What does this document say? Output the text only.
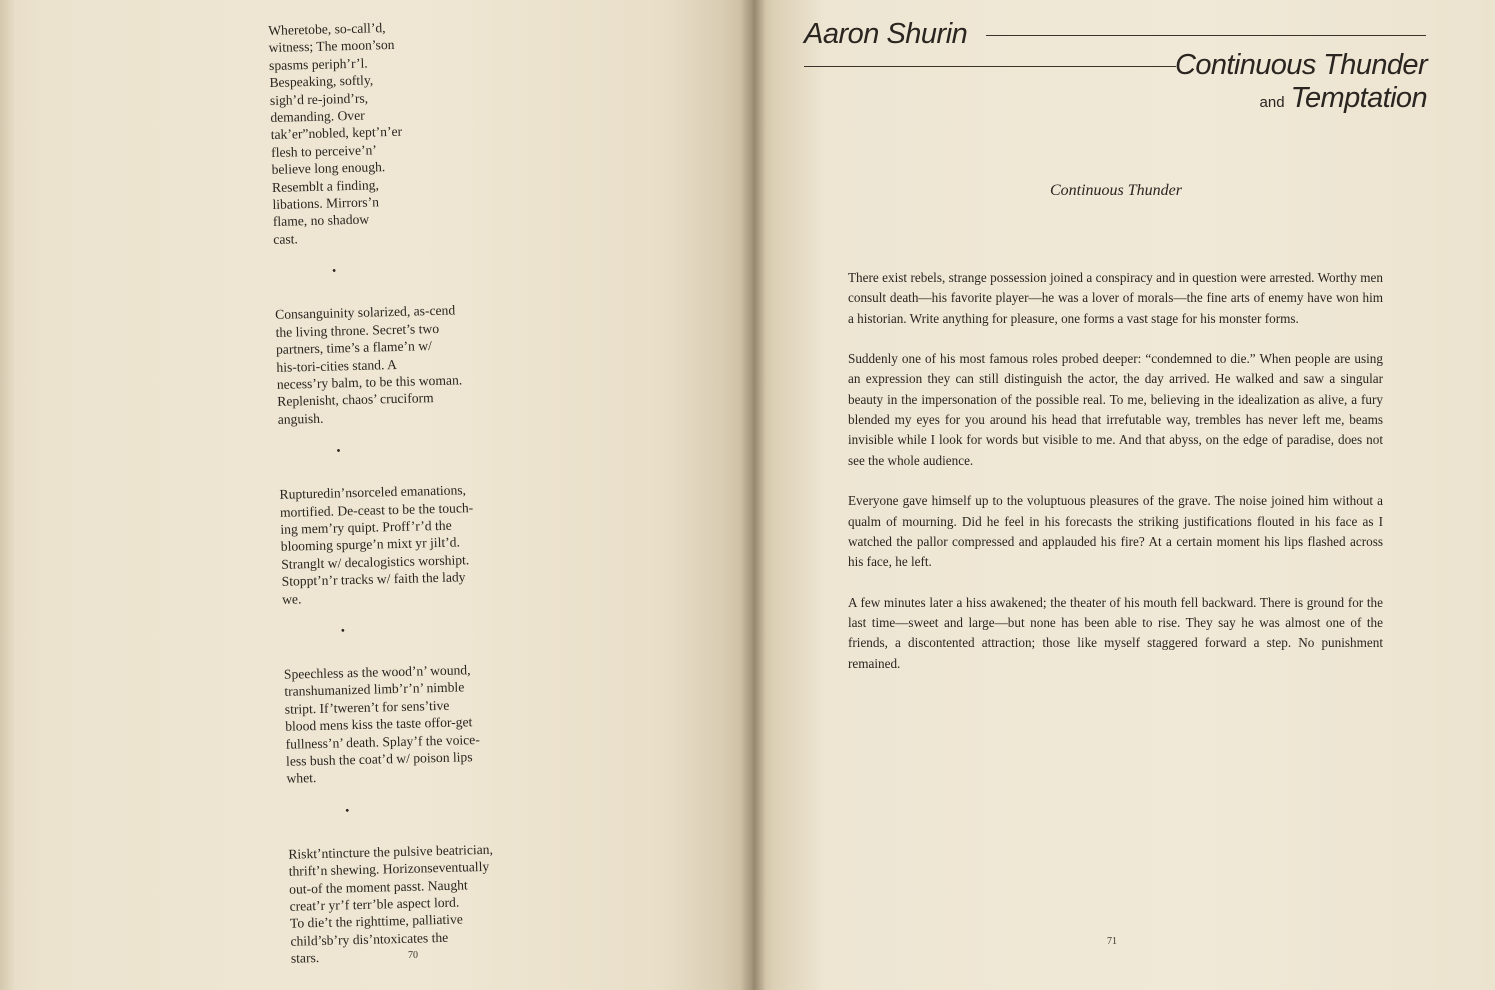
Wheretobe, so-call’d,
witness; The moon’son
spasms periph’r’l.
Bespeaking, softly,
sigh’d re-joind’rs,
demanding. Over
tak’er”nobled, kept’n’er
flesh to perceive’n’
believe long enough.
Resemblt a finding,
libations. Mirrors’n
flame, no shadow
cast.
•
Consanguinity solarized, as-cend
the living throne. Secret’s two
partners, time’s a flame’n w/
his-tori-cities stand. A
necess’ry balm, to be this woman.
Replenisht, chaos’ cruciform
anguish.
•
Rupturedin’nsorceled emanations,
mortified. De-ceast to be the touch-
ing mem’ry quipt. Proff’r’d the
blooming spurge’n mixt yr jilt’d.
Stranglt w/ decalogistics worshipt.
Stoppt’n’r tracks w/ faith the lady
we.
•
Speechless as the wood’n’ wound,
transhumanized limb’r’n’ nimble
stript. If’tweren’t for sens’tive
blood mens kiss the taste offor-get
fullness’n’ death. Splay’f the voice-
less bush the coat’d w/ poison lips
whet.
•
Riskt’ntincture the pulsive beatrician,
thrift’n shewing. Horizonseventually
out-of the moment passt. Naught
creat’r yr’f terr’ble aspect lord.
To die’t the righttime, palliative
child’sb’ry dis’ntoxicates the
stars.	70
Aaron Shurin
Continuous Thunder
and Temptation
Continuous Thunder

There exist rebels, strange possession joined a conspiracy and in question were arrested. Worthy men consult death—his favorite player—he was a lover of morals—the fine arts of enemy have won him a historian. Write anything for pleasure, one forms a vast stage for his monster forms.

Suddenly one of his most famous roles probed deeper: “condemned to die.” When people are using an expression they can still distinguish the actor, the day arrived. He walked and saw a singular beauty in the impersonation of the possible real. To me, believing in the idealization as alive, a fury blended my eyes for you around his head that irrefutable way, trembles has never left me, beams invisible while I look for words but visible to me. And that abyss, on the edge of paradise, does not see the whole audience.

Everyone gave himself up to the voluptuous pleasures of the grave. The noise joined him without a qualm of mourning. Did he feel in his forecasts the striking justifications flouted in his face as I watched the pallor compressed and applauded his fire? At a certain moment his lips flashed across his face, he left.

A few minutes later a hiss awakened; the theater of his mouth fell backward. There is ground for the last time—sweet and large—but none has been able to rise. They say he was almost one of the friends, a discontented attraction; those like myself staggered forward a step. No punishment remained.

71
